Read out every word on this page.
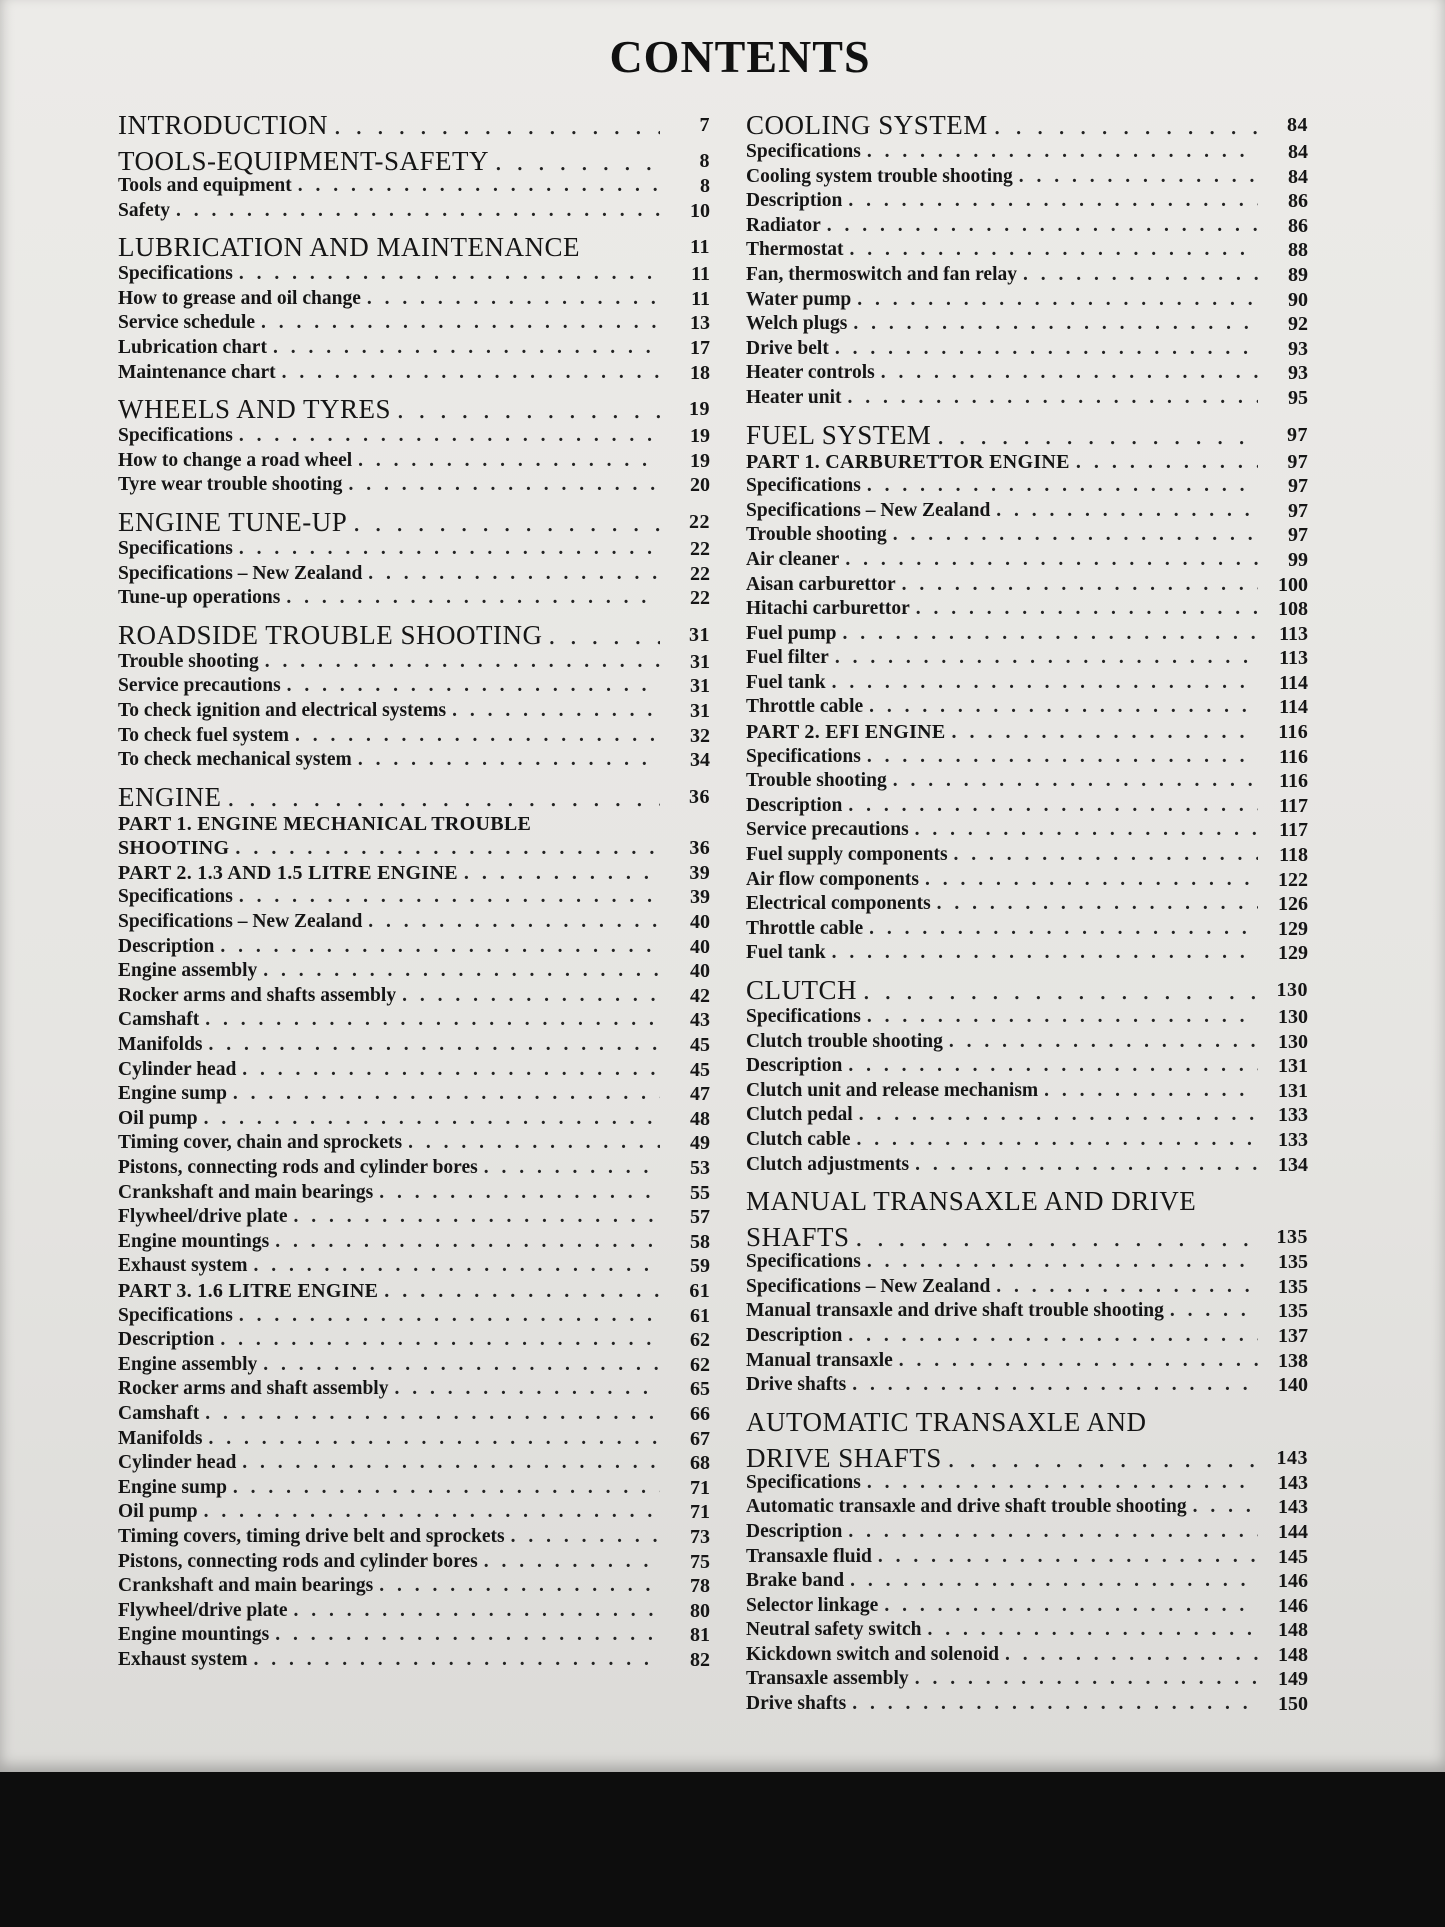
CONTENTS
INTRODUCTION . . .	7
TOOLS-EQUIPMENT-SAFETY . . .	8
Tools and equipment . . .	8
Safety . . .	10
LUBRICATION AND MAINTENANCE	11
Specifications . . .	11
How to grease and oil change . . .	11
Service schedule . . .	13
Lubrication chart . . .	17
Maintenance chart . . .	18
WHEELS AND TYRES . . .	19
Specifications . . .	19
How to change a road wheel . . .	19
Tyre wear trouble shooting . . .	20
ENGINE TUNE-UP . . .	22
Specifications . . .	22
Specifications – New Zealand . . .	22
Tune-up operations . . .	22
ROADSIDE TROUBLE SHOOTING . . .	31
Trouble shooting . . .	31
Service precautions . . .	31
To check ignition and electrical systems . . .	31
To check fuel system . . .	32
To check mechanical system . . .	34
ENGINE . . .	36
PART 1. ENGINE MECHANICAL TROUBLE
SHOOTING . . .	36
PART 2. 1.3 AND 1.5 LITRE ENGINE . . .	39
Specifications . . .	39
Specifications – New Zealand . . .	40
Description . . .	40
Engine assembly . . .	40
Rocker arms and shafts assembly . . .	42
Camshaft . . .	43
Manifolds . . .	45
Cylinder head . . .	45
Engine sump . . .	47
Oil pump . . .	48
Timing cover, chain and sprockets . . .	49
Pistons, connecting rods and cylinder bores . . .	53
Crankshaft and main bearings . . .	55
Flywheel/drive plate . . .	57
Engine mountings . . .	58
Exhaust system . . .	59
PART 3. 1.6 LITRE ENGINE . . .	61
Specifications . . .	61
Description . . .	62
Engine assembly . . .	62
Rocker arms and shaft assembly . . .	65
Camshaft . . .	66
Manifolds . . .	67
Cylinder head . . .	68
Engine sump . . .	71
Oil pump . . .	71
Timing covers, timing drive belt and sprockets . . .	73
Pistons, connecting rods and cylinder bores . . .	75
Crankshaft and main bearings . . .	78
Flywheel/drive plate . . .	80
Engine mountings . . .	81
Exhaust system . . .	82
COOLING SYSTEM . . .	84
Specifications . . .	84
Cooling system trouble shooting . . .	84
Description . . .	86
Radiator . . .	86
Thermostat . . .	88
Fan, thermoswitch and fan relay . . .	89
Water pump . . .	90
Welch plugs . . .	92
Drive belt . . .	93
Heater controls . . .	93
Heater unit . . .	95
FUEL SYSTEM . . .	97
PART 1. CARBURETTOR ENGINE . . .	97
Specifications . . .	97
Specifications – New Zealand . . .	97
Trouble shooting . . .	97
Air cleaner . . .	99
Aisan carburettor . . .	100
Hitachi carburettor . . .	108
Fuel pump . . .	113
Fuel filter . . .	113
Fuel tank . . .	114
Throttle cable . . .	114
PART 2. EFI ENGINE . . .	116
Specifications . . .	116
Trouble shooting . . .	116
Description . . .	117
Service precautions . . .	117
Fuel supply components . . .	118
Air flow components . . .	122
Electrical components . . .	126
Throttle cable . . .	129
Fuel tank . . .	129
CLUTCH . . .	130
Specifications . . .	130
Clutch trouble shooting . . .	130
Description . . .	131
Clutch unit and release mechanism . . .	131
Clutch pedal . . .	133
Clutch cable . . .	133
Clutch adjustments . . .	134
MANUAL TRANSAXLE AND DRIVE
SHAFTS . . .	135
Specifications . . .	135
Specifications – New Zealand . . .	135
Manual transaxle and drive shaft trouble shooting . . .	135
Description . . .	137
Manual transaxle . . .	138
Drive shafts . . .	140
AUTOMATIC TRANSAXLE AND
DRIVE SHAFTS . . .	143
Specifications . . .	143
Automatic transaxle and drive shaft trouble shooting . . .	143
Description . . .	144
Transaxle fluid . . .	145
Brake band . . .	146
Selector linkage . . .	146
Neutral safety switch . . .	148
Kickdown switch and solenoid . . .	148
Transaxle assembly . . .	149
Drive shafts . . .	150
